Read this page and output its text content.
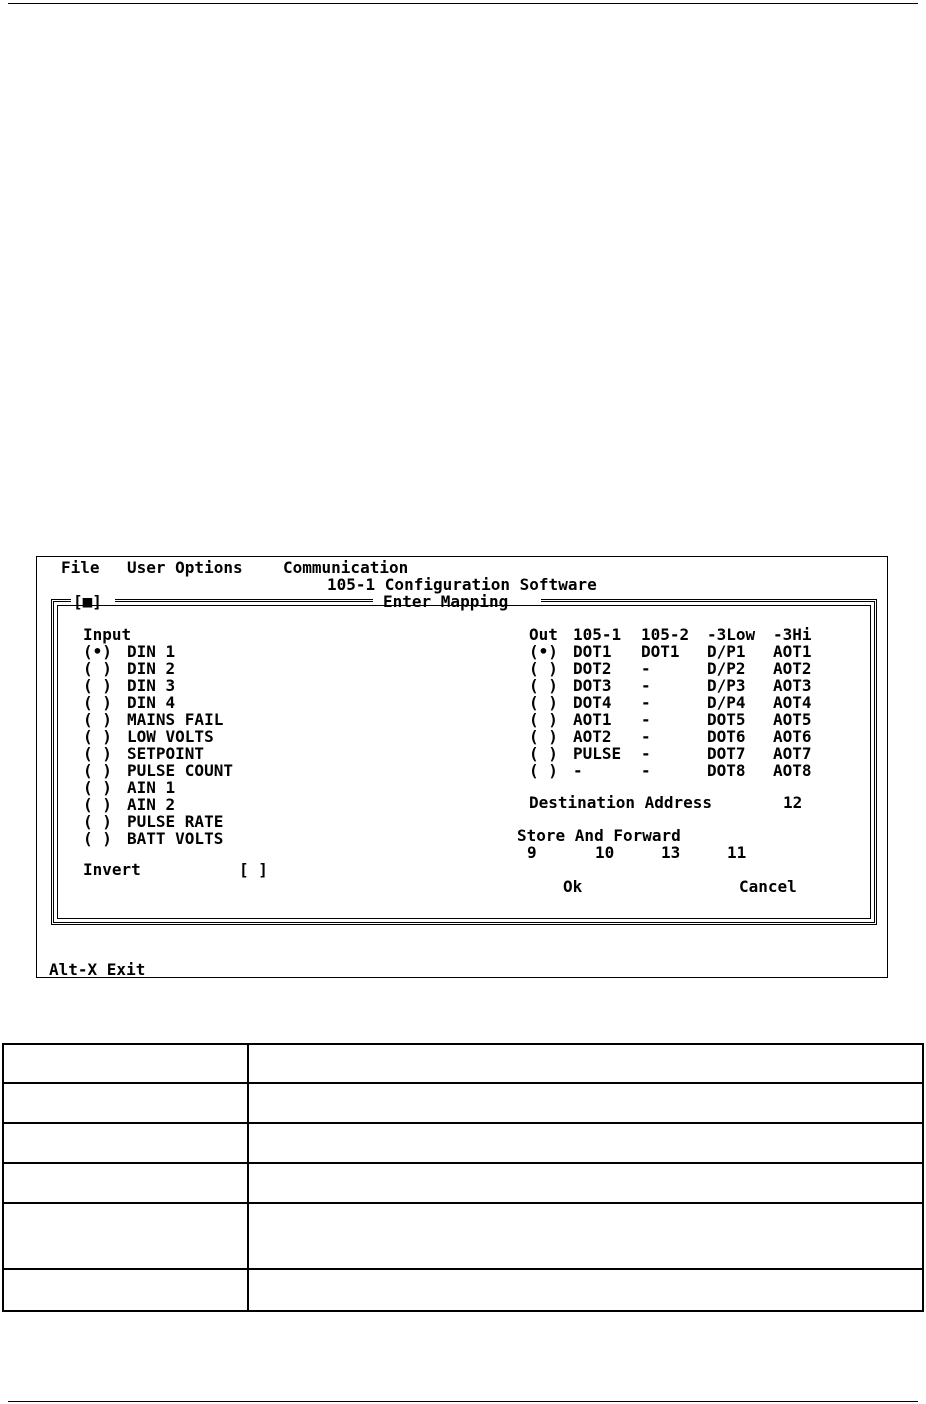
File User Options	Communication
105-1 Configuration Software
[■]	Enter Mapping
Input
(•) DIN 1
( ) DIN 2
( ) DIN 3
( ) DIN 4
( ) MAINS FAIL
( ) LOW VOLTS
( ) SETPOINT
( ) PULSE COUNT
( ) AIN 1
( ) AIN 2
( ) PULSE RATE
( ) BATT VOLTS
Invert	[ ]
Out 105-1 105-2 -3Low -3Hi
(•) DOT1 DOT1 D/P1 AOT1
( ) DOT2 -	D/P2 AOT2
( ) DOT3 -	D/P3 AOT3
( ) DOT4 -	D/P4 AOT4
( ) AOT1 -	DOT5 AOT5
( ) AOT2 -	DOT6 AOT6
( ) PULSE -	DOT7 AOT7
( ) -	-	DOT8 AOT8
Destination Address	12
Store And Forward
9	10	13	11
Ok	Cancel
Alt-X Exit
